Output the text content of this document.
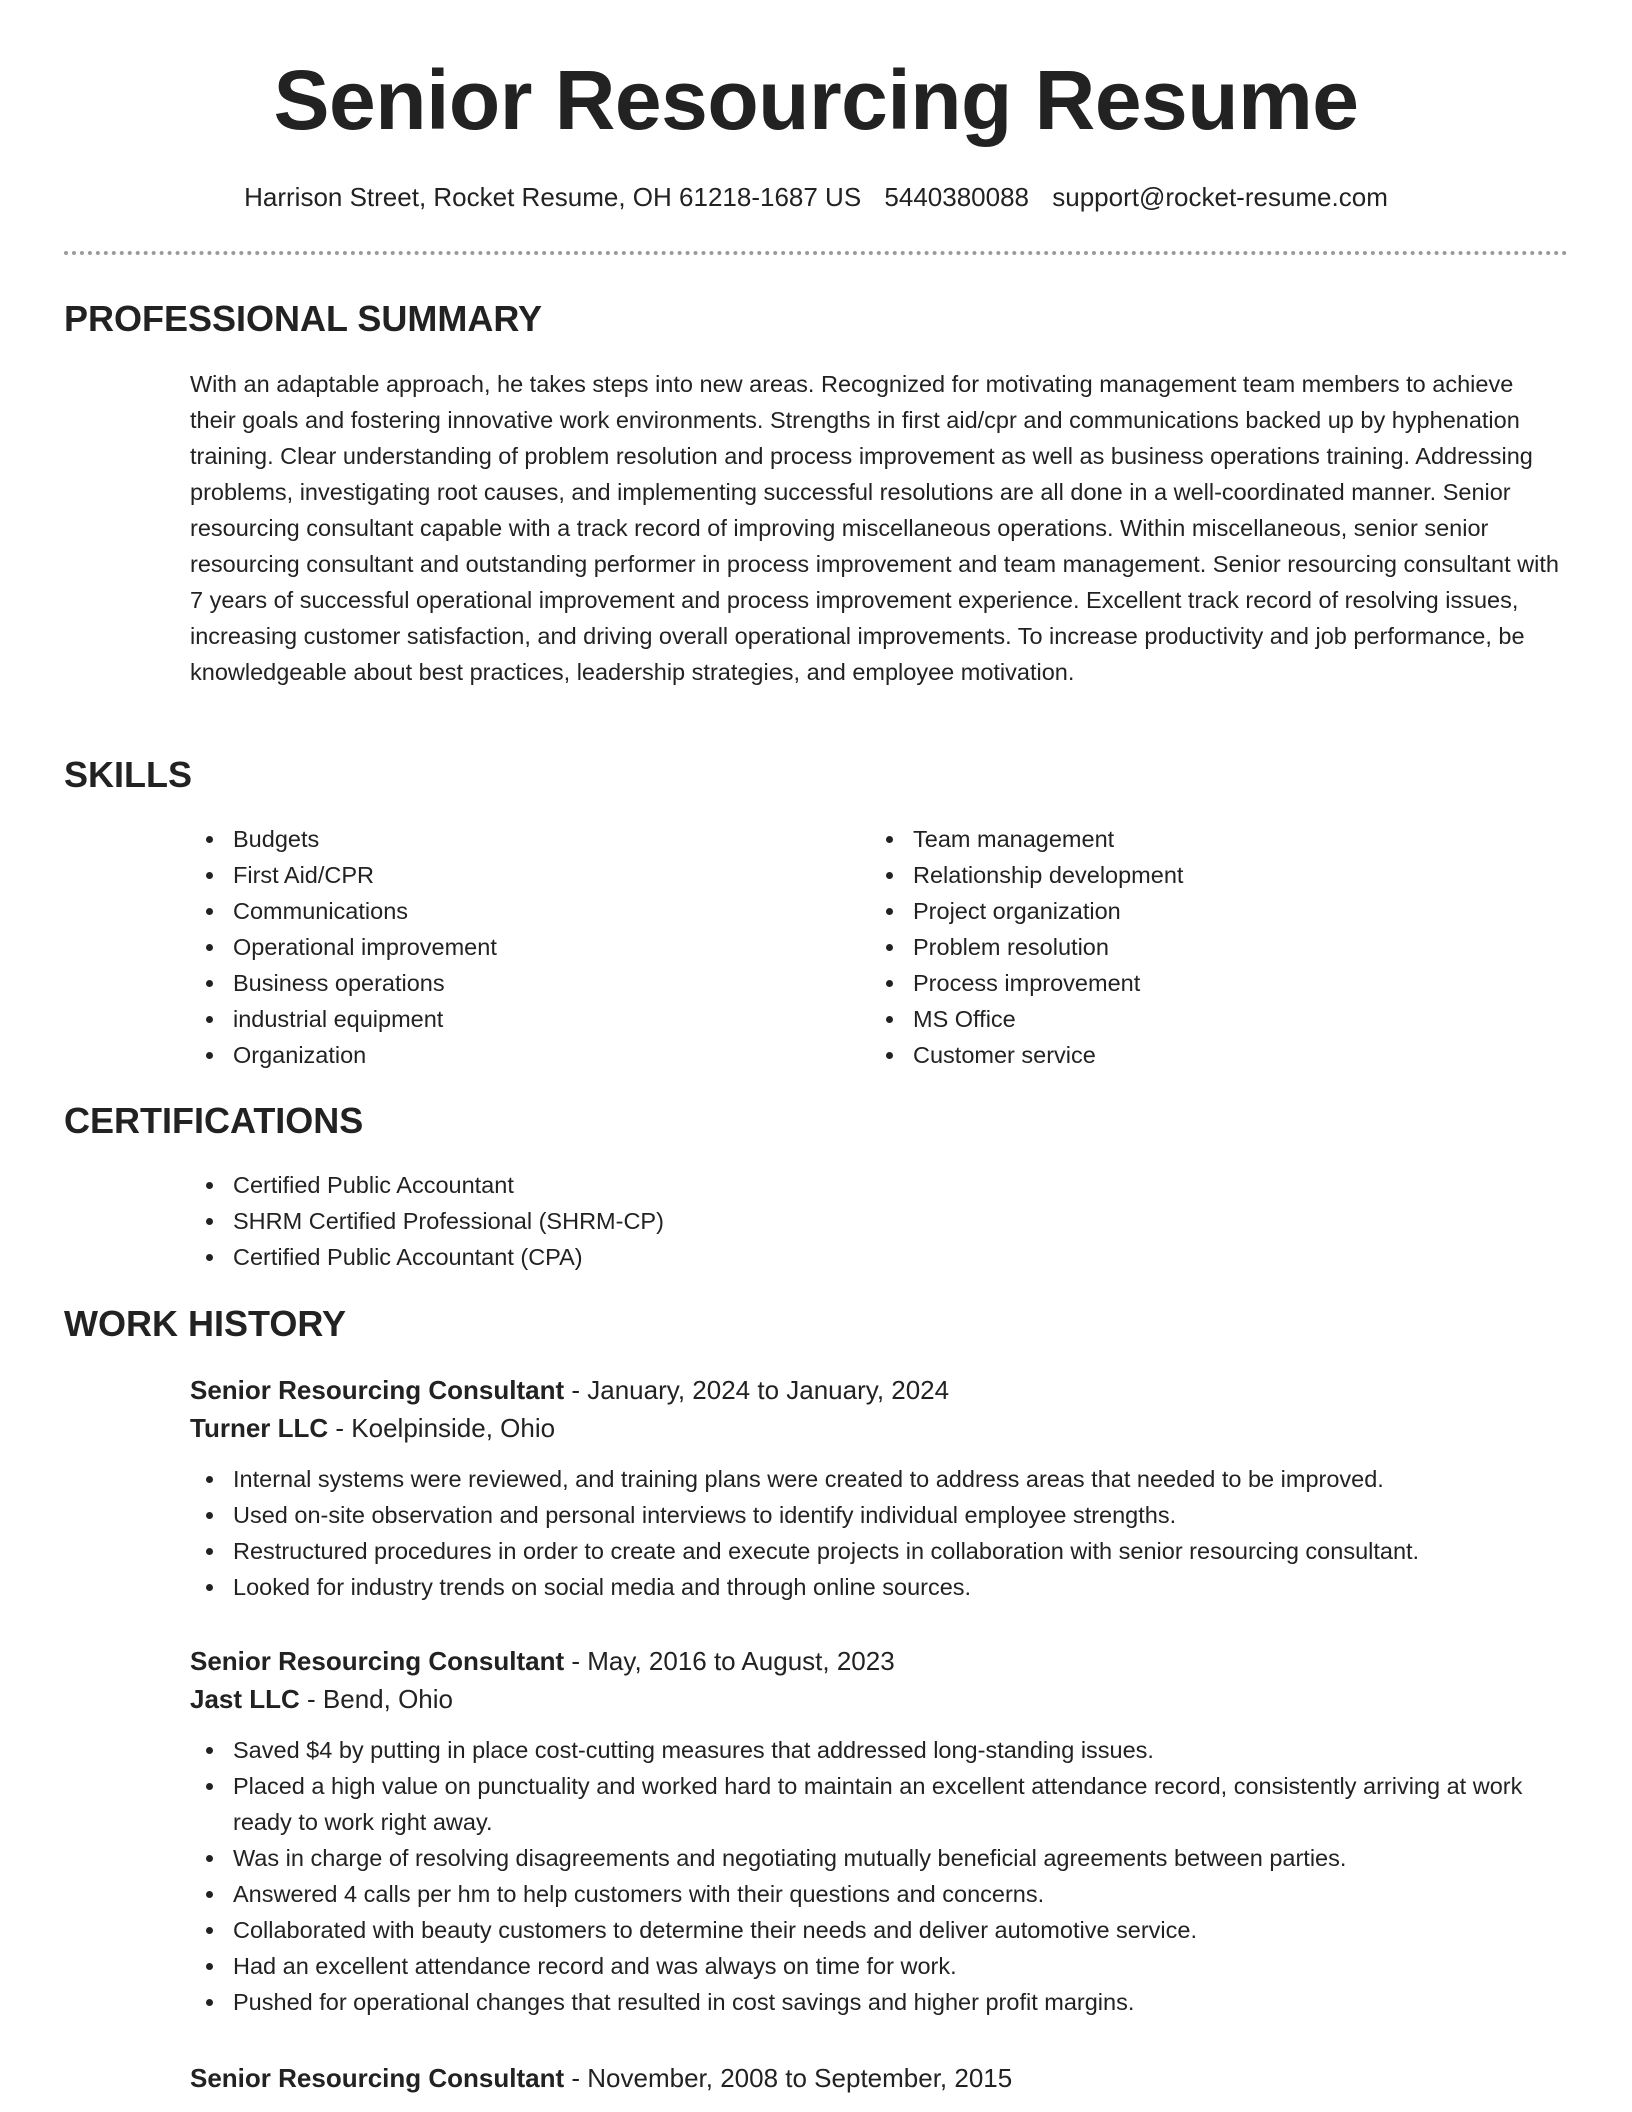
Senior Resourcing Resume
Harrison Street, Rocket Resume, OH 61218-1687 US 5440380088 support@rocket-resume.com
PROFESSIONAL SUMMARY

With an adaptable approach, he takes steps into new areas. Recognized for motivating management team members to achieve their goals and fostering innovative work environments. Strengths in first aid/cpr and communications backed up by hyphenation training. Clear understanding of problem resolution and process improvement as well as business operations training. Addressing problems, investigating root causes, and implementing successful resolutions are all done in a well-coordinated manner. Senior resourcing consultant capable with a track record of improving miscellaneous operations. Within miscellaneous, senior senior resourcing consultant and outstanding performer in process improvement and team management. Senior resourcing consultant with 7 years of successful operational improvement and process improvement experience. Excellent track record of resolving issues, increasing customer satisfaction, and driving overall operational improvements. To increase productivity and job performance, be knowledgeable about best practices, leadership strategies, and employee motivation.

SKILLS
Budgets
First Aid/CPR
Communications
Operational improvement
Business operations
industrial equipment
Organization
Team management
Relationship development
Project organization
Problem resolution
Process improvement
MS Office
Customer service
CERTIFICATIONS
Certified Public Accountant
SHRM Certified Professional (SHRM-CP)
Certified Public Accountant (CPA)
WORK HISTORY
Senior Resourcing Consultant - January, 2024 to January, 2024
Turner LLC - Koelpinside, Ohio
Internal systems were reviewed, and training plans were created to address areas that needed to be improved.
Used on-site observation and personal interviews to identify individual employee strengths.
Restructured procedures in order to create and execute projects in collaboration with senior resourcing consultant.
Looked for industry trends on social media and through online sources.
Senior Resourcing Consultant - May, 2016 to August, 2023
Jast LLC - Bend, Ohio
Saved $4 by putting in place cost-cutting measures that addressed long-standing issues.
Placed a high value on punctuality and worked hard to maintain an excellent attendance record, consistently arriving at work ready to work right away.
Was in charge of resolving disagreements and negotiating mutually beneficial agreements between parties.
Answered 4 calls per hm to help customers with their questions and concerns.
Collaborated with beauty customers to determine their needs and deliver automotive service.
Had an excellent attendance record and was always on time for work.
Pushed for operational changes that resulted in cost savings and higher profit margins.
Senior Resourcing Consultant - November, 2008 to September, 2015
